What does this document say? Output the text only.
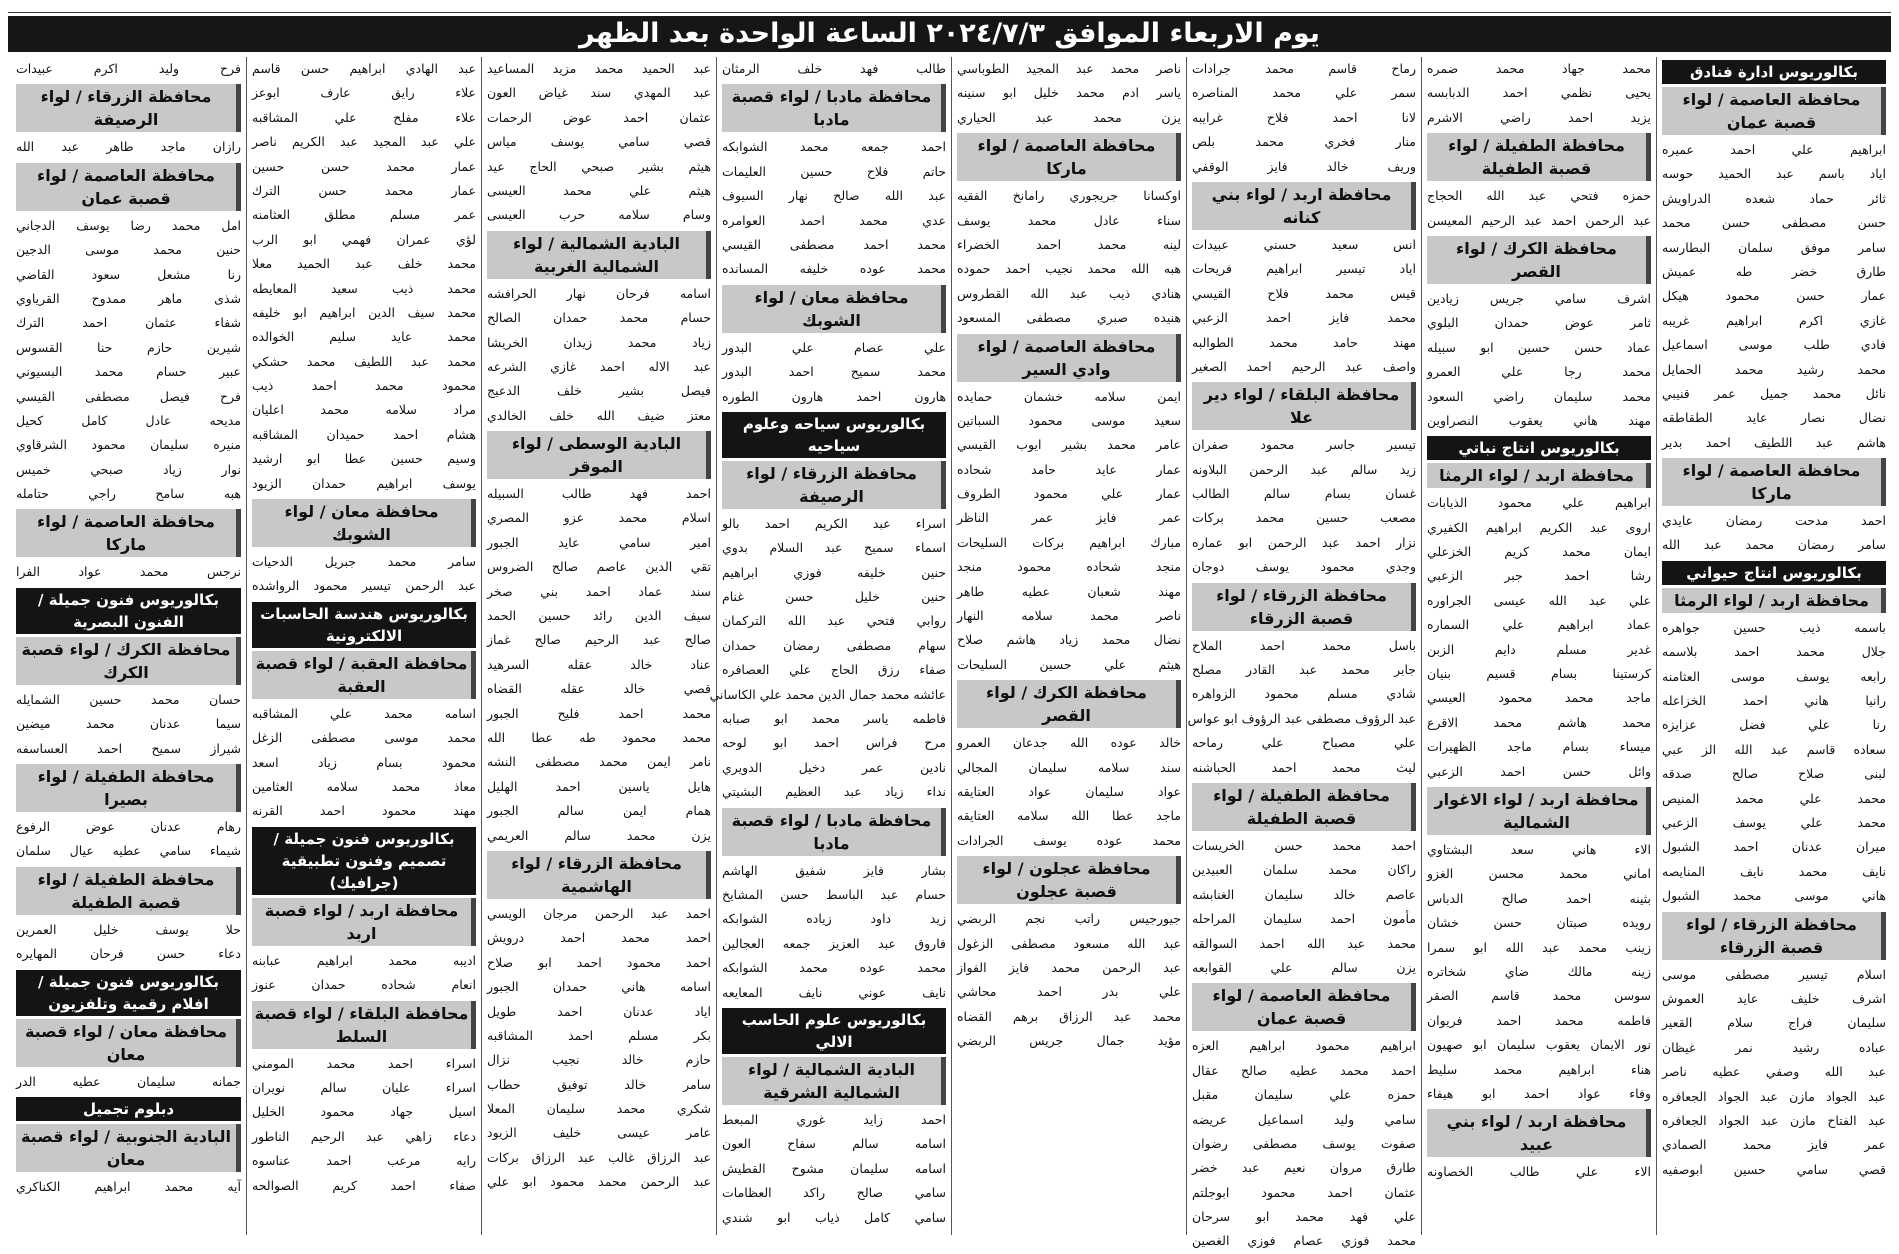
يوم الاربعاء الموافق ٢٠٢٤/٧/٣ الساعة الواحدة بعد الظهر
بكالوريوس ادارة فنادق
محافظة العاصمة / لواء قصبة عمان
ابراهيم علي احمد عميره
اياد باسم عبد الحميد حوسه
ثائر حماد شعده الدراويش
حسن مصطفى حسن محمد
سامر موفق سلمان البطارسه
طارق خضر طه عميش
عمار حسن محمود هيكل
غازي اكرم ابراهيم غريبه
فادي طلب موسى اسماعيل
محمد رشيد محمد الحمايل
نائل محمد جميل عمر قنيبي
نضال نصار عايد الطقاطقه
هاشم عبد اللطيف احمد بدير
محافظة العاصمة / لواء ماركا
احمد مدحت رمضان عايدي
سامر رمضان محمد عبد الله
بكالوريوس انتاج حيواني
محافظة اربد / لواء الرمثا
باسمه ذيب حسين جواهره
جلال محمد احمد بلاسمه
رابعه يوسف موسى العثامنه
رانيا هاني احمد الخزاعله
رنا علي فضل عزايزه
سعاده قاسم عبد الله الز عبي
لبنى صلاح صالح صدقه
محمد علي محمد المنيص
محمد علي يوسف الزعبي
ميران عدنان احمد الشبول
نايف محمد نايف المنايصه
هاني موسى محمد الشبول
محافظة الزرقاء / لواء قصبة الزرقاء
اسلام تيسير مصطفى موسى
اشرف خليف عايد العموش
سليمان فراج سلام القعير
عباده رشيد نمر غيظان
عبد الله وصفي عطيه ناصر
عبد الجواد مازن عبد الجواد الجعافره
عبد الفتاح مازن عبد الجواد الجعافره
عمر فايز محمد الصمادي
قصي سامي حسين ابوصفيه
محمد جهاد محمد ضمره
يحيى نظمي احمد الدبابسه
يزيد احمد راضي الاشرم
محافظة الطفيلة / لواء قصبة الطفيلة
حمزه فتحي عبد الله الحجاج
عبد الرحمن احمد عبد الرحيم المعيسن
محافظة الكرك / لواء القصر
اشرف سامي جريس زيادين
ثامر عوض حمدان البلوي
عماد حسن حسين ابو سبيله
محمد رجا علي العمرو
محمد سليمان راضي السعود
مهند هاني يعقوب النصراوين
بكالوريوس انتاج نباتي
محافظة اربد / لواء الرمثا
ابراهيم علي محمود الذيابات
اروى عبد الكريم ابراهيم الكفيري
ايمان محمد كريم الخزعلي
رشا احمد جبر الزعبي
علي عبد الله عيسى الجراوره
عماد ابراهيم علي السماره
غدير مسلم دايم الزبن
كرستينا بسام قسيم بنيان
ماجد محمد محمود العيسي
محمد هاشم محمد الاقرع
ميساء بسام ماجد الظهيرات
وائل حسن احمد الزعبي
محافظة اربد / لواء الاغوار الشمالية
الاء هاني سعد البشتاوي
اماني محمد محسن الغزو
بثينه احمد صالح الدباس
رويده صبتان حسن خشان
زينب محمد عبد الله ابو سمرا
زينه مالك ضاي شخاتره
سوسن محمد قاسم الصقر
فاطمه محمد احمد فريوان
نور الايمان يعقوب سليمان ابو صهيون
هناء ابراهيم محمد سليط
وفاء عواد احمد ابو هيفاء
محافظة اربد / لواء بني عبيد
الاء علي طالب الخصاونه
رماح قاسم محمد جرادات
سمر علي محمد المناصره
لانا احمد فلاح غرايبه
منار فخري محمد بلص
وريف خالد فايز الوقفي
محافظة اربد / لواء بني كنانه
انس سعيد حسني عبيدات
اياد تيسير ابراهيم فريحات
قيس محمد فلاح القيسي
محمد فايز احمد الزعبي
مهند حامد محمد الطوالبه
واصف عبد الرحيم احمد الصغير
محافظة البلقاء / لواء دير علا
تيسير جاسر محمود صفران
زيد سالم عبد الرحمن البلاونه
غسان بسام سالم الطالب
مصعب حسين محمد بركات
نزار احمد عبد الرحمن ابو عماره
وجدي محمود يوسف دوجان
محافظة الزرقاء / لواء قصبة الزرقاء
باسل محمد احمد الملاح
جابر محمد عبد القادر مصلح
شادي مسلم محمود الزواهره
عبد الرؤوف مصطفى عبد الرؤوف ابو عواس
علي مصباح علي رماحه
ليث محمد احمد الحباشنه
محافظة الطفيلة / لواء قصبة الطفيلة
احمد محمد حسن الخريسات
راكان محمد سلمان العبيدين
عاصم خالد سليمان الغنابشه
مأمون احمد سليمان المراحله
محمد عبد الله احمد السوالقه
يزن سالم علي القوابعه
محافظة العاصمة / لواء قصبة عمان
ابراهيم محمود ابراهيم العزه
احمد محمد عطيه صالح عقال
حمزه علي سليمان مقبل
سامي وليد اسماعيل عريضه
صفوت يوسف مصطفى رضوان
طارق مروان نعيم عبد خضر
عثمان احمد محمود ابوجلتم
علي فهد محمد ابو سرحان
محمد فوزي عصام فوزي الغصين
ناصر محمد عبد المجيد الطوباسي
ياسر ادم محمد خليل ابو سنينه
يزن محمد عبد الحياري
محافظة العاصمة / لواء ماركا
اوكسانا جريجوري رامانخ الفقيه
سناء عادل محمد يوسف
لينه محمد احمد الخضراء
هبه الله محمد نجيب احمد حموده
هنادي ذيب عبد الله القطروس
هنيده صبري مصطفى المسعود
محافظة العاصمة / لواء وادي السير
ايمن سلامه خشمان حمايده
سعيد موسى محمود السباتين
عامر محمد بشير ايوب القيسي
عمار عايد حامد شحاده
عمار علي محمود الطروف
عمر فايز عمر الناظر
مبارك ابراهيم بركات السليحات
منجد شحاده محمود منجد
مهند شعبان عطيه طاهر
ناصر محمد سلامه النهار
نضال محمد زياد هاشم صلاح
هيثم علي حسين السليحات
محافظة الكرك / لواء القصر
خالد عوده الله جدعان العمرو
سند سلامه سليمان المجالي
عواد سليمان عواد العتايقه
ماجد عطا الله سلامه العتايقه
محمد عوده يوسف الجرادات
محافظة عجلون / لواء قصبة عجلون
جيورجيس راتب نجم الربضي
عبد الله مسعود مصطفى الزغول
عبد الرحمن محمد فايز الفواز
علي بدر احمد محاشي
محمد عبد الرزاق برهم القضاه
مؤيد جمال جريس الربضي
طالب فهد خلف الرمثان
محافظة مادبا / لواء قصبة مادبا
احمد جمعه محمد الشوابكه
حاتم فلاح حسين العليمات
عبد الله صالح نهار السيوف
عدي محمد احمد العوامره
محمد احمد مصطفى القيسي
محمد عوده خليفه المسانده
محافظة معان / لواء الشوبك
علي عصام علي البدور
محمد سميح احمد البدور
هارون احمد هارون الطوره
بكالوريوس سياحه وعلوم سياحيه
محافظة الزرقاء / لواء الرصيفة
اسراء عبد الكريم احمد بالو
اسماء سميح عبد السلام بدوي
حنين خليفه فوزي ابراهيم
حنين خليل حسن غنام
روابي فتحي عبد الله التركمان
سهام مصطفى رمضان حمدان
صفاء رزق الحاج علي العصافره
عائشه محمد جمال الدين محمد علي الكاساني
فاطمه ياسر محمد ابو صبابه
مرح فراس احمد ابو لوحه
نادين عمر دخيل الدويري
نداء زياد عبد العظيم البشيتي
محافظة مادبا / لواء قصبة مادبا
بشار فايز شفيق الهاشم
حسام عبد الباسط حسن المشايخ
زيد داود زياده الشوابكه
فاروق عبد العزيز جمعه العجالين
محمد عوده محمد الشوابكه
نايف عوني نايف المعايعه
بكالوريوس علوم الحاسب الالي
البادية الشمالية / لواء الشمالية الشرقية
احمد زايد غوري المبعط
اسامه سالم سفاح العون
اسامه سليمان مشوح القطيش
سامي صالح راكد العظامات
سامي كامل ذياب ابو شندي
عبد الحميد محمد مزيد المساعيد
عبد المهدي سند غياض العون
عثمان احمد عوض الرحمات
قصي سامي يوسف مياس
هيثم بشير صبحي الحاج عيد
هيثم علي محمد العيسى
وسام سلامه حرب العيسى
البادية الشمالية / لواء الشمالية الغربية
اسامه فرحان نهار الحرافشه
حسام محمد حمدان الصالح
زياد محمد زيدان الخريشا
عبد الاله احمد غازي الشرعه
فيصل بشير خلف الدعيج
معتز ضيف الله خلف الخالدي
البادية الوسطى / لواء الموقر
احمد فهد طالب السبيله
اسلام محمد عزو المصري
امير سامي عايد الجبور
تقي الدين عاصم صالح الضروس
سند عماد احمد بني صخر
سيف الدين رائد حسين الحمد
صالح عبد الرحيم صالح غماز
عناد خالد عقله السرهيد
قصي خالد عقله القضاه
محمد احمد فليح الجبور
محمد محمود طه عطا الله
نامر ايمن محمد مصطفى النشه
هايل ياسين احمد الهليل
همام ايمن سالم الجبور
يزن محمد سالم العريمي
محافظة الزرقاء / لواء الهاشمية
احمد عبد الرحمن مرجان الويسي
احمد محمد احمد درويش
احمد محمود احمد ابو صلاح
اسامه هاني حمدان الجبور
اياد عدنان احمد طويل
بكر مسلم احمد المشاقبه
حازم خالد نجيب نزال
سامر خالد توفيق حطاب
شكري محمد سليمان المعلا
عامر عيسى خليف الزيود
عبد الرزاق غالب عبد الرزاق بركات
عبد الرحمن محمد محمود ابو علي
عبد الهادي ابراهيم حسن قاسم
علاء رايق عارف ابوعز
علاء مفلح علي المشاقبه
علي عبد المجيد عبد الكريم ناصر
عمار محمد حسن حسين
عمار محمد حسن الترك
عمر مسلم مطلق العثامنه
لؤي عمران فهمي ابو الرب
محمد خلف عبد الحميد معلا
محمد ذيب سعيد المعايطه
محمد سيف الدين ابراهيم ابو خليفه
محمد عايد سليم الخوالده
محمد عبد اللطيف محمد حشكي
محمود محمد احمد ذيب
مراد سلامه محمد اعليان
هشام احمد حميدان المشاقبه
وسيم حسين عطا ابو ارشيد
يوسف ابراهيم حمدان الزيود
محافظة معان / لواء الشوبك
سامر محمد جبريل الدحيات
عبد الرحمن تيسير محمود الرواشده
بكالوريوس هندسة الحاسبات الالكترونية
محافظة العقبة / لواء قصبة العقبة
اسامه محمد علي المشاقبه
محمد موسى مصطفى الزغل
محمود بسام زياد اسعد
معاذ محمد سلامه العثامين
مهند محمود احمد القرنه
بكالوريوس فنون جميلة / تصميم وفنون تطبيقية (جرافيك)
محافظة اربد / لواء قصبة اربد
اديبه محمد ابراهيم عبابنه
انعام شحاده حمدان عنوز
محافظة البلقاء / لواء قصبة السلط
اسراء احمد محمد المومني
اسراء عليان سالم نويران
اسيل جهاد محمود الخليل
دعاء زاهي عبد الرحيم الناطور
رايه مرعب احمد عناسوه
صفاء احمد كريم الصوالحه
فرح وليد اكرم عبيدات
محافظة الزرقاء / لواء الرصيفة
رازان ماجد طاهر عبد الله
محافظة العاصمة / لواء قصبة عمان
امل محمد رضا يوسف الدجاني
حنين محمد موسى الدجين
رنا مشعل سعود القاضي
شذى ماهر ممدوح القرياوي
شفاء عثمان احمد الترك
شيرين حازم حنا القسوس
عبير حسام محمد البسيوني
فرح فيصل مصطفى القيسي
مديحه عادل كامل كحيل
منيره سليمان محمود الشرقاوي
نوار زياد صبحي خميس
هبه سامح راجي حتامله
محافظة العاصمة / لواء ماركا
نرجس محمد عواد الفرا
بكالوريوس فنون جميلة / الفنون البصرية
محافظة الكرك / لواء قصبة الكرك
حسان محمد حسين الشمايله
سيما عدنان محمد ميضين
شيراز سميح احمد العساسفه
محافظة الطفيلة / لواء بصيرا
رهام عدنان عوض الرفوع
شيماء سامي عطيه عيال سلمان
محافظة الطفيلة / لواء قصبة الطفيلة
حلا يوسف خليل العمرين
دعاء حسن فرحان المهايره
بكالوريوس فنون جميلة / افلام رقمية وتلفزيون
محافظة معان / لواء قصبة معان
جمانه سليمان عطيه الدر
دبلوم تجميل
البادية الجنوبية / لواء قصبة معان
آيه محمد ابراهيم الكناكري
